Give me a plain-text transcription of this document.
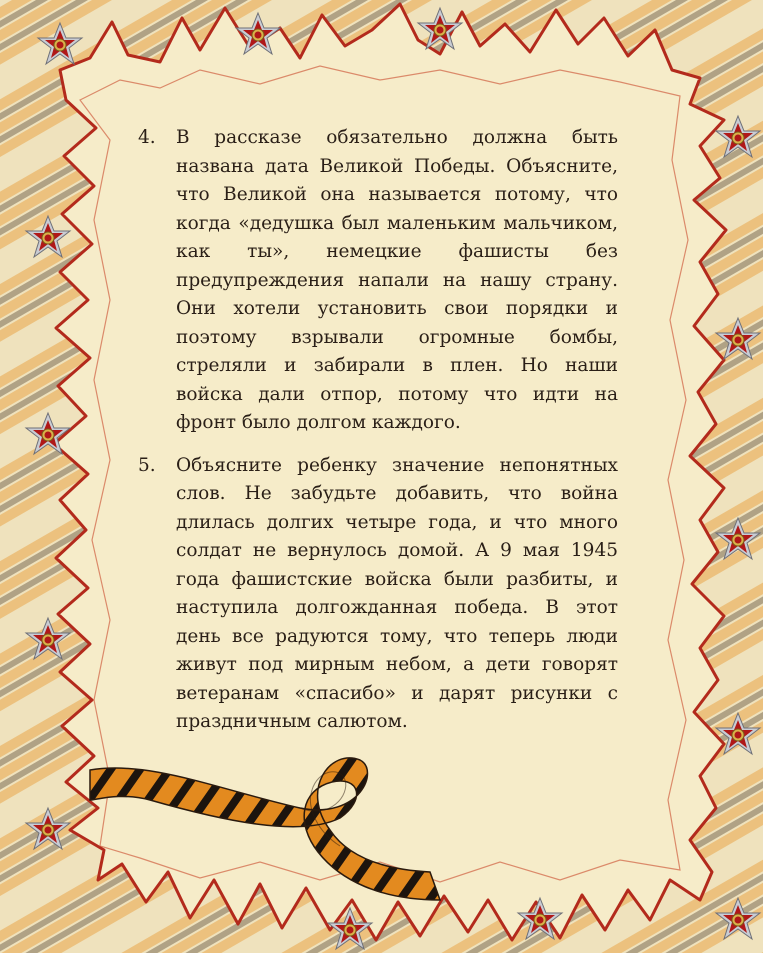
4.	В рассказе обязательно должна быть названа дата Великой Победы. Объясните, что Великой она называется потому, что когда «дедушка был маленьким мальчиком, как ты», немецкие фашисты без предупреждения напали на нашу страну. Они хотели установить свои порядки и поэтому взрывали огромные бомбы, стреляли и забирали в плен. Но наши войска дали отпор, потому что идти на фронт было долгом каждого.
5.	Объясните ребенку значение непонятных слов. Не забудьте добавить, что война длилась долгих четыре года, и что много солдат не вернулось домой. А 9 мая 1945 года фашистские войска были разбиты, и наступила долгожданная победа. В этот день все радуются тому, что теперь люди живут под мирным небом, а дети говорят ветеранам «спасибо» и дарят рисунки с праздничным салютом.
